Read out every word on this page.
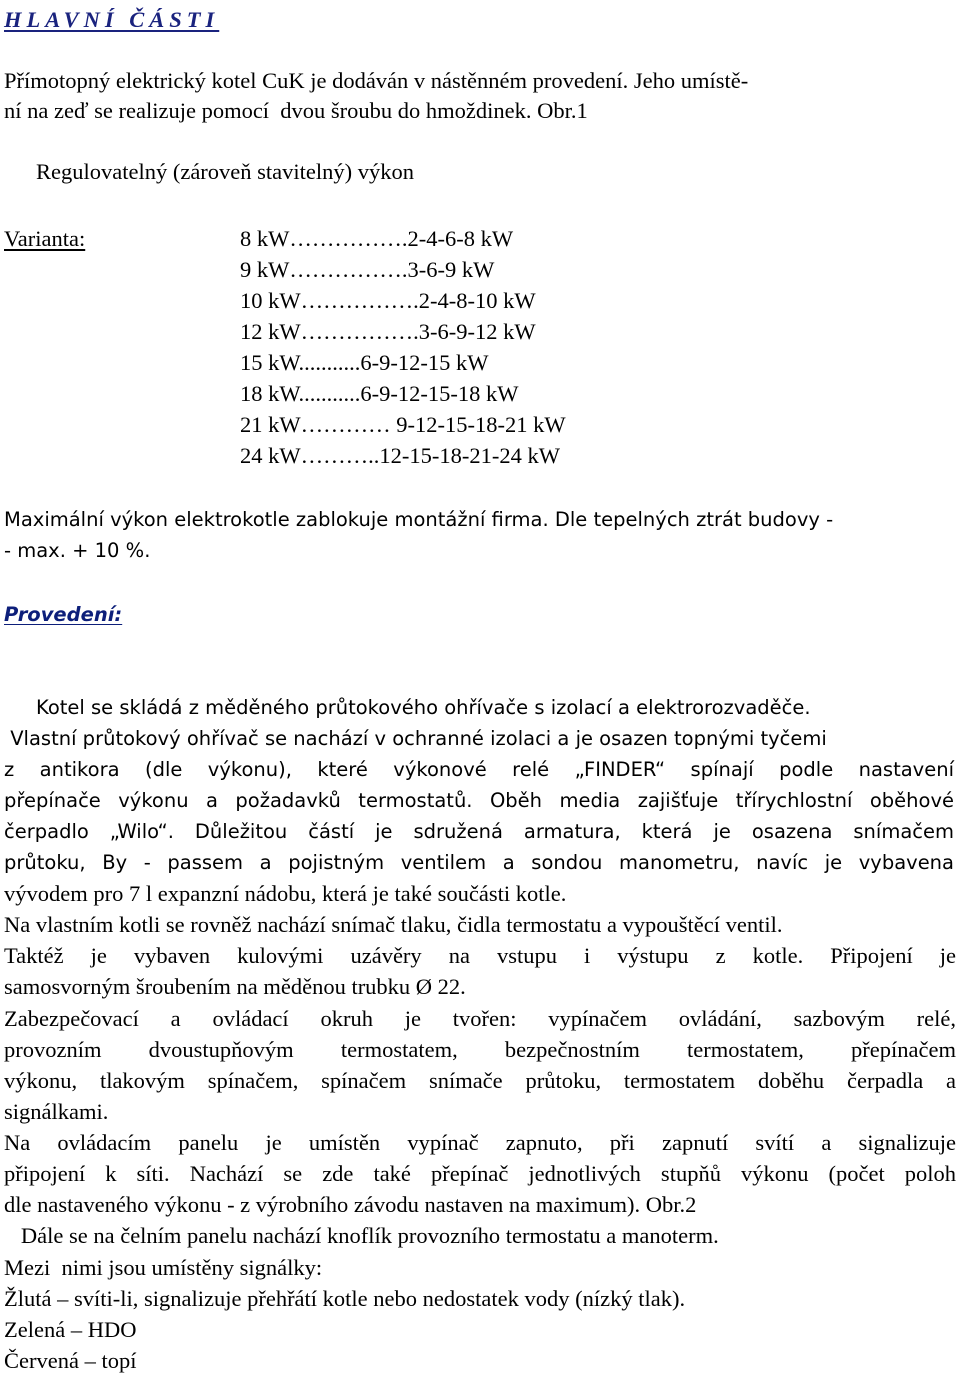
HLAVNÍ ČÁSTI
Přímotopný elektrický kotel CuK je dodáván v nástěnném provedení. Jeho umístě-
ní na zeď se realizuje pomocí  dvou šroubu do hmoždinek. Obr.1
Regulovatelný (zároveň stavitelný) výkon
Varianta:	8 kW…………….2-4-6-8 kW
9 kW…………….3-6-9 kW
10 kW…………….2-4-8-10 kW
12 kW…………….3-6-9-12 kW
15 kW...........6-9-12-15 kW
18 kW...........6-9-12-15-18 kW
21 kW………… 9-12-15-18-21 kW
24 kW………..12-15-18-21-24 kW
Maximální výkon elektrokotle zablokuje montážní firma. Dle tepelných ztrát budovy -
- max. + 10 %.
Provedení:
Kotel se skládá z měděného průtokového ohřívače s izolací a elektrorozvaděče.
Vlastní průtokový ohřívač se nachází v ochranné izolaci a je osazen topnými tyčemi
z antikora (dle výkonu), které výkonové relé „FINDER“ spínají podle nastavení
přepínače výkonu a požadavků termostatů. Oběh media zajišťuje třírychlostní oběhové
čerpadlo „Wilo“. Důležitou částí je sdružená armatura, která je osazena snímačem
průtoku, By - passem a pojistným ventilem a sondou manometru, navíc je vybavena
vývodem pro 7 l expanzní nádobu, která je také součásti kotle.
Na vlastním kotli se rovněž nachází snímač tlaku, čidla termostatu a vypouštěcí ventil.
Taktéž je vybaven kulovými uzávěry na vstupu i výstupu z kotle. Připojení je
samosvorným šroubením na měděnou trubku Ø 22.
Zabezpečovací a ovládací okruh je tvořen: vypínačem ovládání, sazbovým relé,
provozním dvoustupňovým termostatem, bezpečnostním termostatem, přepínačem
výkonu, tlakovým spínačem, spínačem snímače průtoku, termostatem doběhu čerpadla a
signálkami.
Na ovládacím panelu je umístěn vypínač zapnuto, při zapnutí svítí a signalizuje
připojení k síti. Nachází se zde také přepínač jednotlivých stupňů výkonu (počet poloh
dle nastaveného výkonu - z výrobního závodu nastaven na maximum). Obr.2
Dále se na čelním panelu nachází knoflík provozního termostatu a manoterm.
Mezi  nimi jsou umístěny signálky:
Žlutá – svíti-li, signalizuje přehřátí kotle nebo nedostatek vody (nízký tlak).
Zelená – HDO
Červená – topí
